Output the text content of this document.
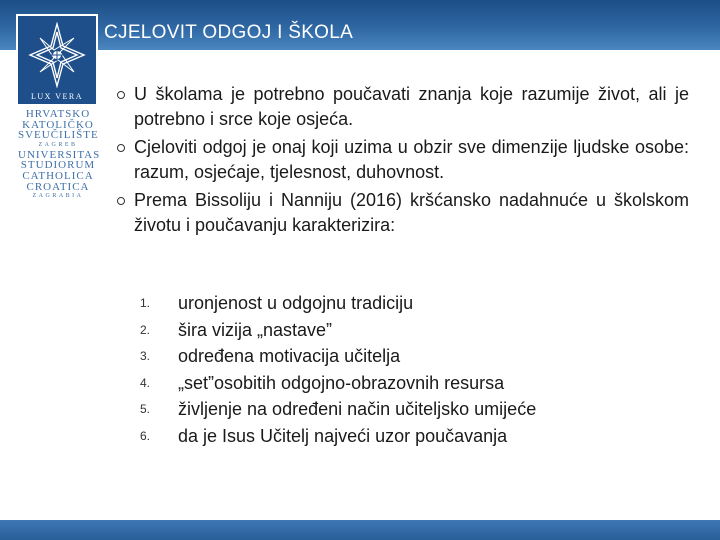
CJELOVIT ODGOJ I ŠKOLA
LUX VERA
HRVATSKO
KATOLIČKO
SVEUČILIŠTE
ZAGREB
UNIVERSITAS
STUDIORUM
CATHOLICA
CROATICA
ZAGRABIA
U školama je potrebno poučavati znanja koje razumije život, ali je potrebno i srce koje osjeća.
Cjeloviti odgoj je onaj koji uzima u obzir sve dimenzije ljudske osobe: razum, osjećaje, tjelesnost, duhovnost.
Prema Bissoliju i Nanniju (2016) kršćansko nadahnuće u školskom životu i poučavanju karakterizira:
1. uronjenost u odgojnu tradiciju
2. šira vizija „nastave”
3. određena motivacija učitelja
4. „set”osobitih odgojno-obrazovnih resursa
5. življenje na određeni način učiteljsko umijeće
6. da je Isus Učitelj najveći uzor poučavanja
